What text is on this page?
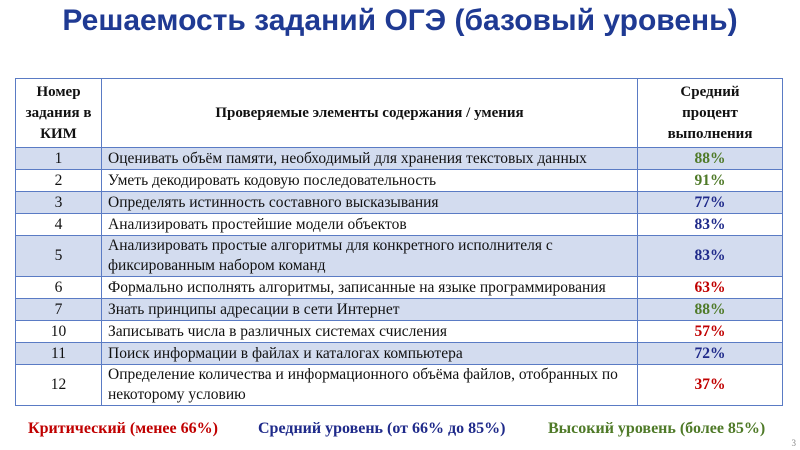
Решаемость заданий ОГЭ (базовый уровень)
Номер задания в КИМ	Проверяемые элементы содержания / умения	Средний процент выполнения
1	Оценивать объём памяти, необходимый для хранения текстовых данных	88%
2	Уметь декодировать кодовую последовательность	91%
3	Определять истинность составного высказывания	77%
4	Анализировать простейшие модели объектов	83%
5	Анализировать простые алгоритмы для конкретного исполнителя с фиксированным набором команд	83%
6	Формально исполнять алгоритмы, записанные на языке программирования	63%
7	Знать принципы адресации в сети Интернет	88%
10	Записывать числа в различных системах счисления	57%
11	Поиск информации в файлах и каталогах компьютера	72%
12	Определение количества и информационного объёма файлов, отобранных по некоторому условию	37%
Критический (менее 66%)	Средний уровень (от 66% до 85%)	Высокий уровень (более 85%)
3
